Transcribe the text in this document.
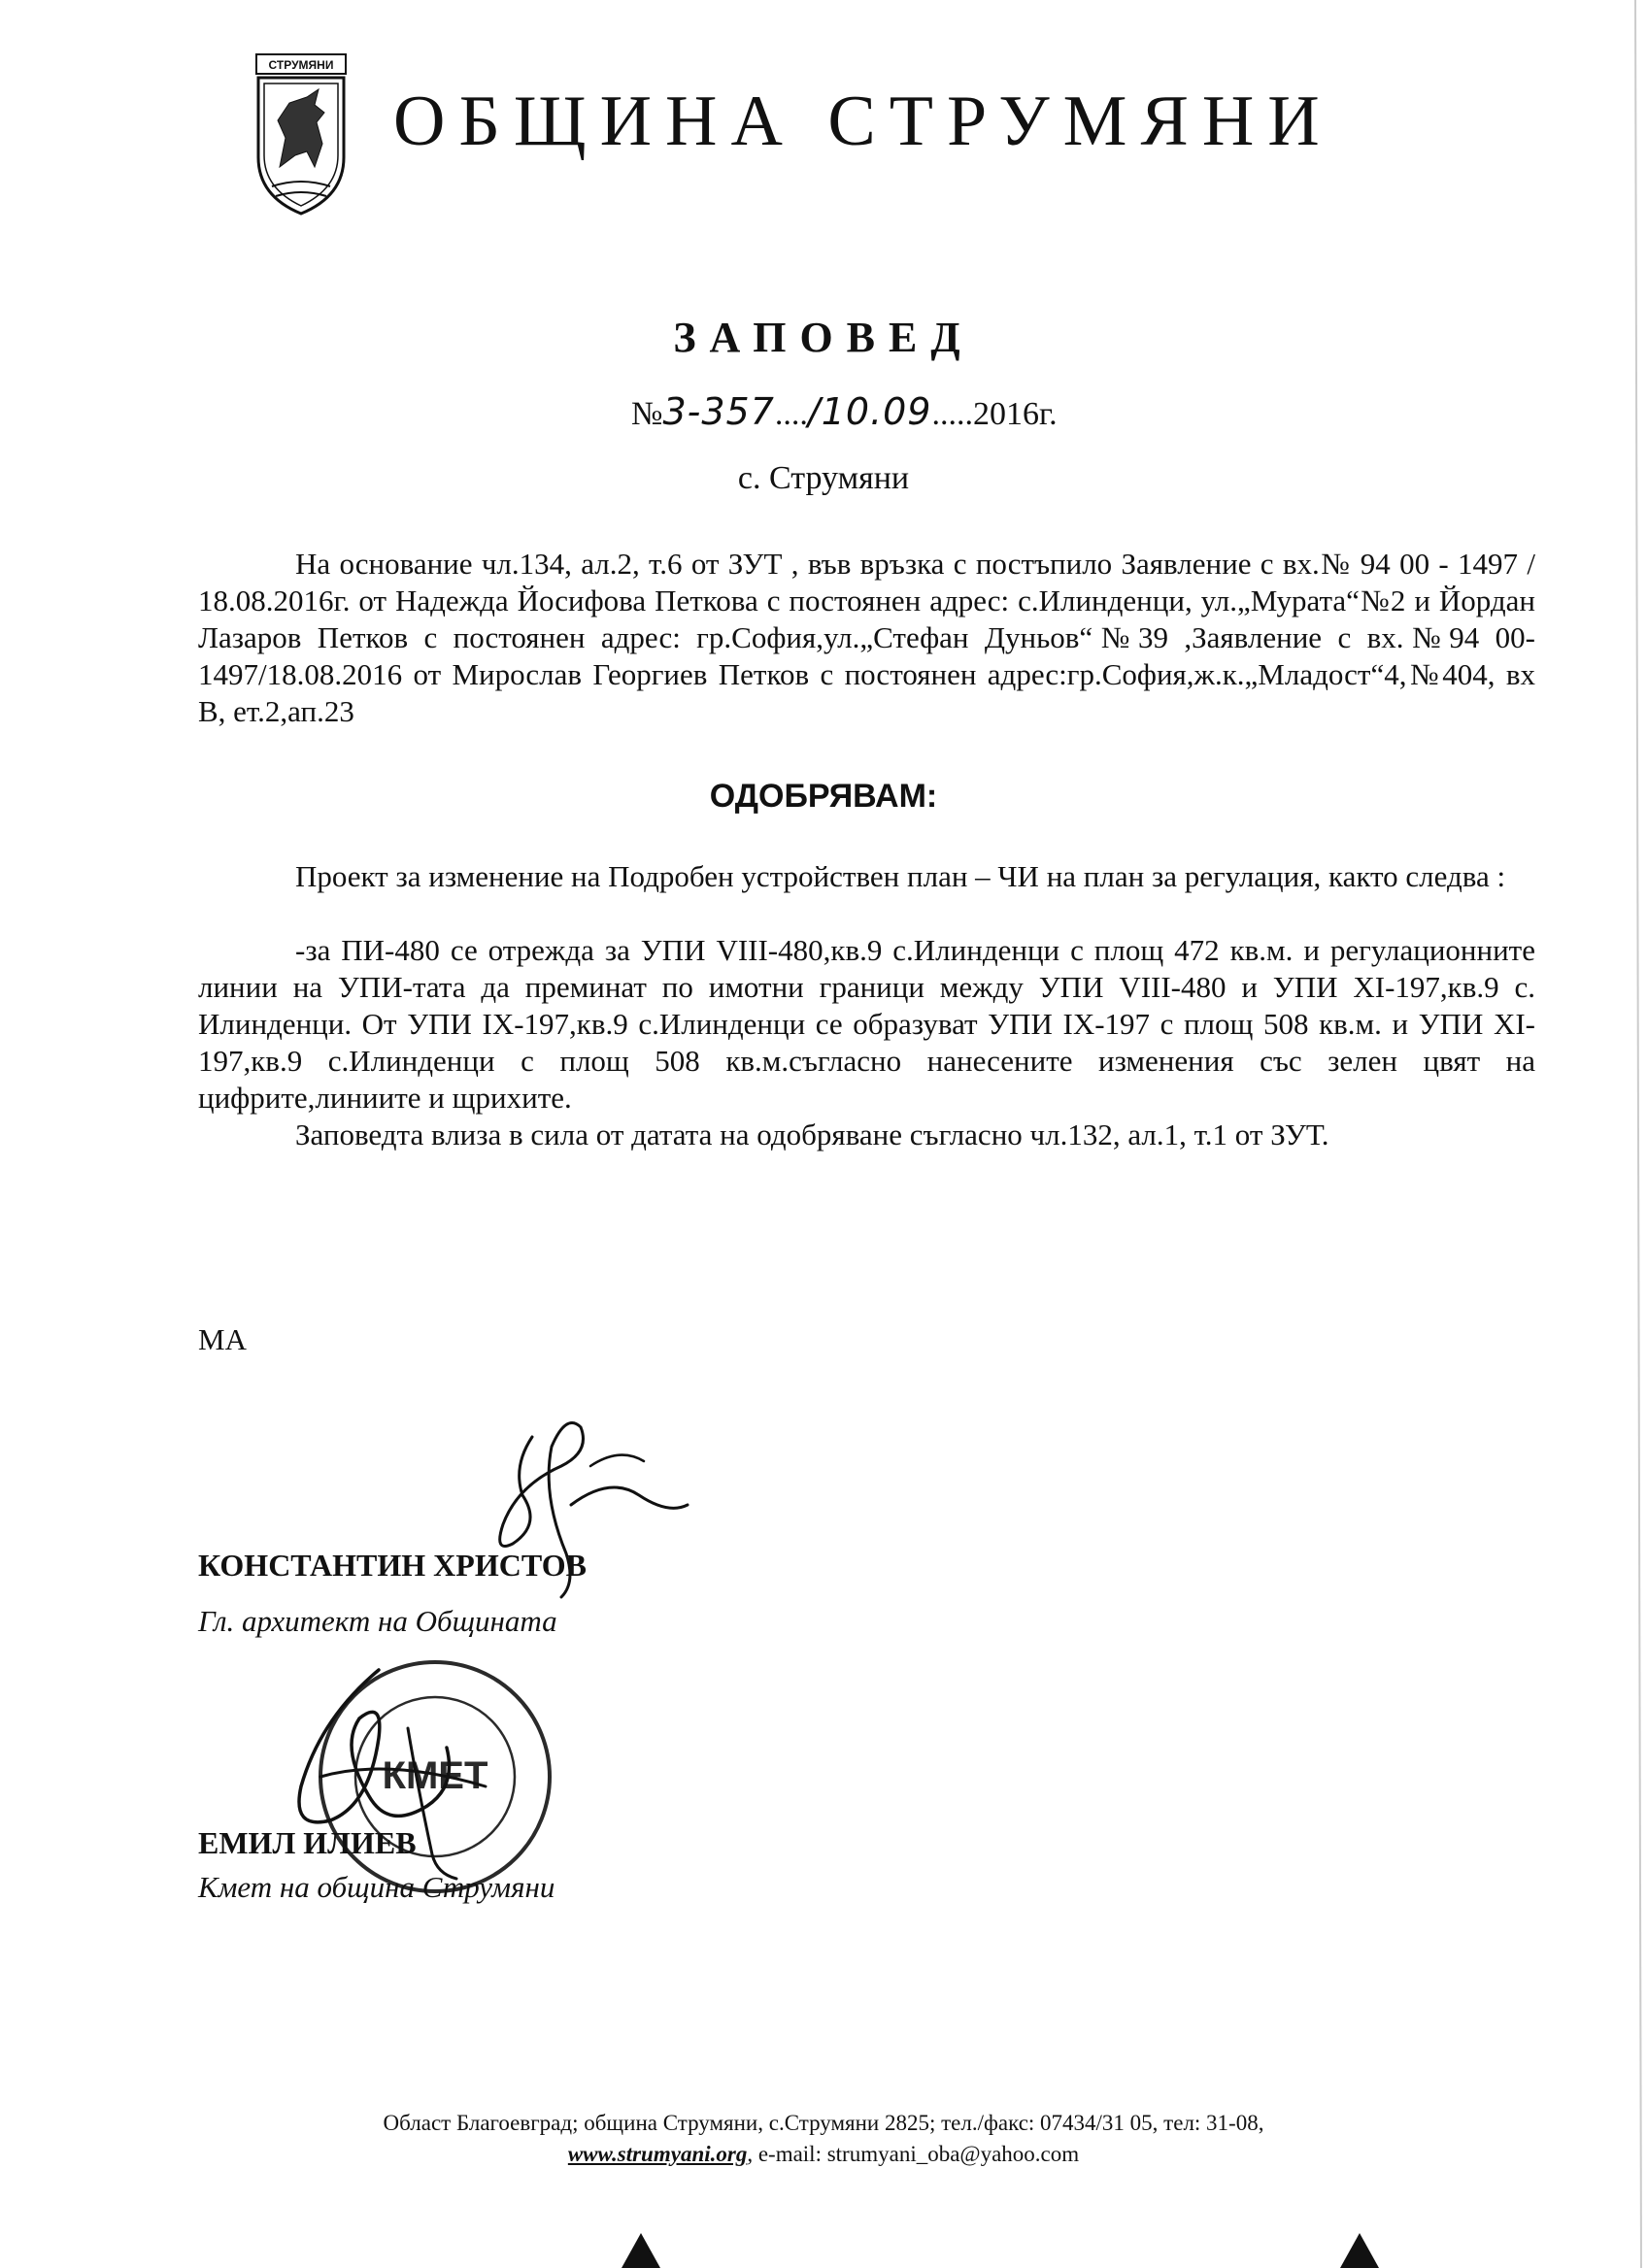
СТРУМЯНИ
ОБЩИНА СТРУМЯНИ
ЗАПОВЕД
№3-357..../10.09.....2016г.
с. Струмяни
На основание чл.134, ал.2, т.6 от ЗУТ , във връзка с постъпило Заявление с вх.№ 94 00 - 1497 / 18.08.2016г. от Надежда Йосифова Петкова с постоянен адрес: с.Илинденци, ул.„Мурата“№2 и Йордан Лазаров Петков с постоянен адрес: гр.София,ул.„Стефан Дуньов“№39 ,Заявление с вх.№94 00-1497/18.08.2016 от Мирослав Георгиев Петков с постоянен адрес:гр.София,ж.к.„Младост“4,№404, вх В, ет.2,ап.23
ОДОБРЯВАМ:
Проект за изменение на Подробен устройствен план – ЧИ на план за регулация, както следва :
-за ПИ-480 се отрежда за УПИ VIII-480,кв.9 с.Илинденци с площ 472 кв.м. и регулационните линии на УПИ-тата да преминат по имотни граници между УПИ VIII-480 и УПИ XI-197,кв.9 с. Илинденци. От УПИ IX-197,кв.9 с.Илинденци се образуват УПИ IX-197 с площ 508 кв.м. и УПИ XI-197,кв.9 с.Илинденци с площ 508 кв.м.съгласно нанесените изменения със зелен цвят на цифрите,линиите и щрихите.
Заповедта влиза в сила от датата на одобряване съгласно чл.132, ал.1, т.1 от ЗУТ.
МА
КОНСТАНТИН ХРИСТОВ
Гл. архитект на Общината
КМЕТ
ЕМИЛ ИЛИЕВ
Кмет на община Струмяни
Област Благоевград; община Струмяни, с.Струмяни 2825; тел./факс: 07434/31 05, тел: 31-08,
www.strumyani.org, e-mail: strumyani_oba@yahoo.com
